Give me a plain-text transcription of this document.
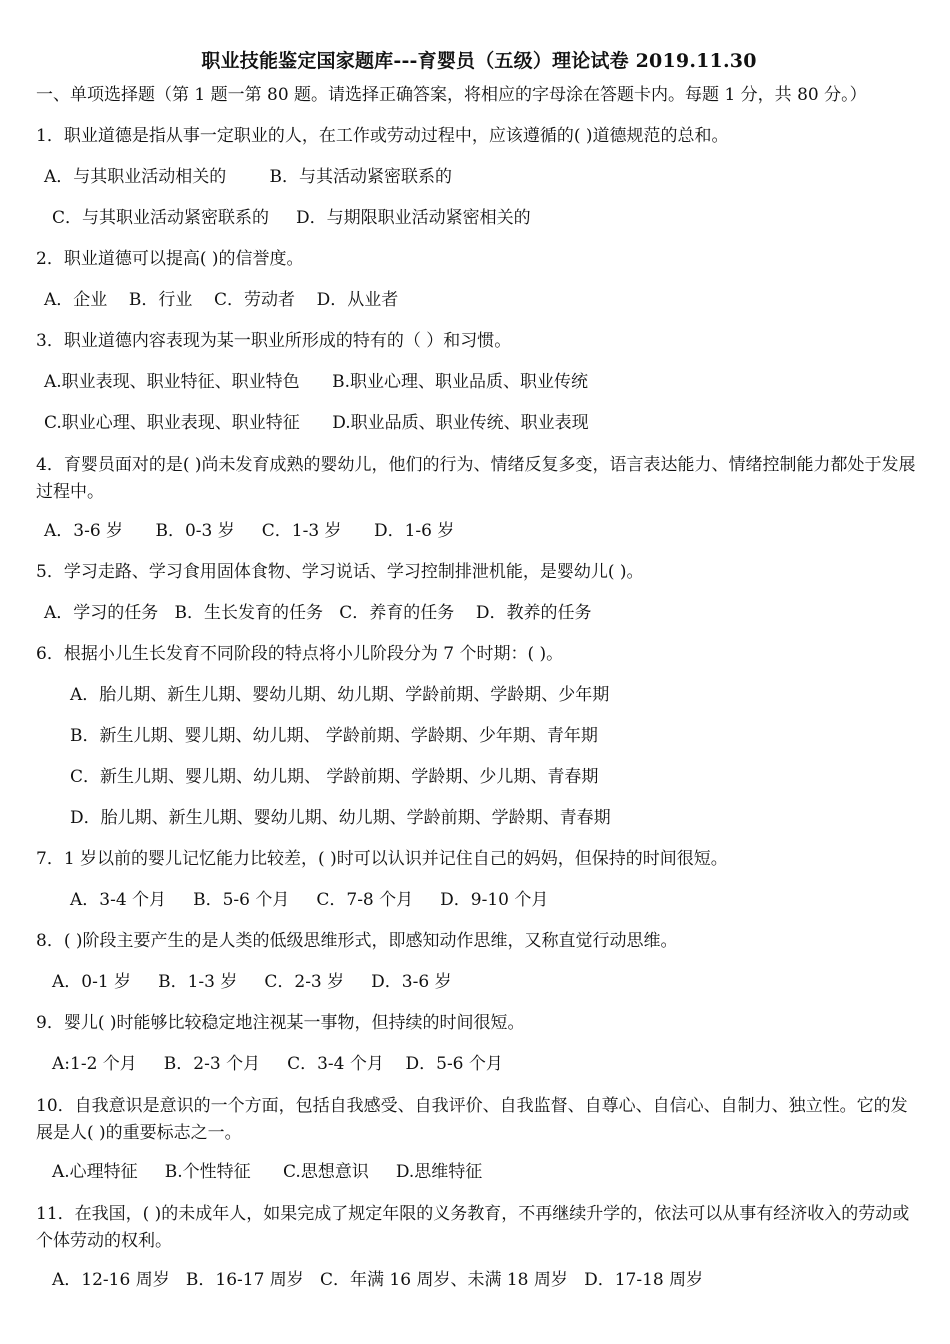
职业技能鉴定国家题库---育婴员（五级）理论试卷 2019.11.30
一、单项选择题（第 1 题一第 80 题。请选择正确答案，将相应的字母涂在答题卡内。每题 1 分，共 80 分。）
1．职业道德是指从事一定职业的人，在工作或劳动过程中，应该遵循的( )道德规范的总和。
A．与其职业活动相关的        B．与其活动紧密联系的
C．与其职业活动紧密联系的     D．与期限职业活动紧密相关的
2．职业道德可以提高( )的信誉度。
A．企业    B．行业    C．劳动者    D．从业者
3．职业道德内容表现为某一职业所形成的特有的（ ）和习惯。
A.职业表现、职业特征、职业特色      B.职业心理、职业品质、职业传统
C.职业心理、职业表现、职业特征      D.职业品质、职业传统、职业表现
4．育婴员面对的是( )尚未发育成熟的婴幼儿，他们的行为、情绪反复多变，语言表达能力、情绪控制能力都处于发展过程中。
A．3-6 岁      B．0-3 岁     C．1-3 岁      D．1-6 岁
5．学习走路、学习食用固体食物、学习说话、学习控制排泄机能，是婴幼儿( )。
A．学习的任务   B．生长发育的任务   C．养育的任务    D．教养的任务
6．根据小儿生长发育不同阶段的特点将小儿阶段分为 7 个时期：( )。
A．胎儿期、新生儿期、婴幼儿期、幼儿期、学龄前期、学龄期、少年期
B．新生儿期、婴儿期、幼儿期、 学龄前期、学龄期、少年期、青年期
C．新生儿期、婴儿期、幼儿期、 学龄前期、学龄期、少儿期、青春期
D．胎儿期、新生儿期、婴幼儿期、幼儿期、学龄前期、学龄期、青春期
7．1 岁以前的婴儿记忆能力比较差，( )时可以认识并记住自己的妈妈，但保持的时间很短。
A．3-4 个月     B．5-6 个月     C．7-8 个月     D．9-10 个月
8．( )阶段主要产生的是人类的低级思维形式，即感知动作思维，又称直觉行动思维。
A．0-1 岁     B．1-3 岁     C．2-3 岁     D．3-6 岁
9．婴儿( )时能够比较稳定地注视某一事物，但持续的时间很短。
A:1-2 个月     B．2-3 个月     C．3-4 个月    D．5-6 个月
10．自我意识是意识的一个方面，包括自我感受、自我评价、自我监督、自尊心、自信心、自制力、独立性。它的发展是人( )的重要标志之一。
A.心理特征     B.个性特征      C.思想意识     D.思维特征
11．在我国，( )的未成年人，如果完成了规定年限的义务教育，不再继续升学的，依法可以从事有经济收入的劳动或个体劳动的权利。
A．12-16 周岁   B．16-17 周岁   C．年满 16 周岁、未满 18 周岁   D．17-18 周岁
